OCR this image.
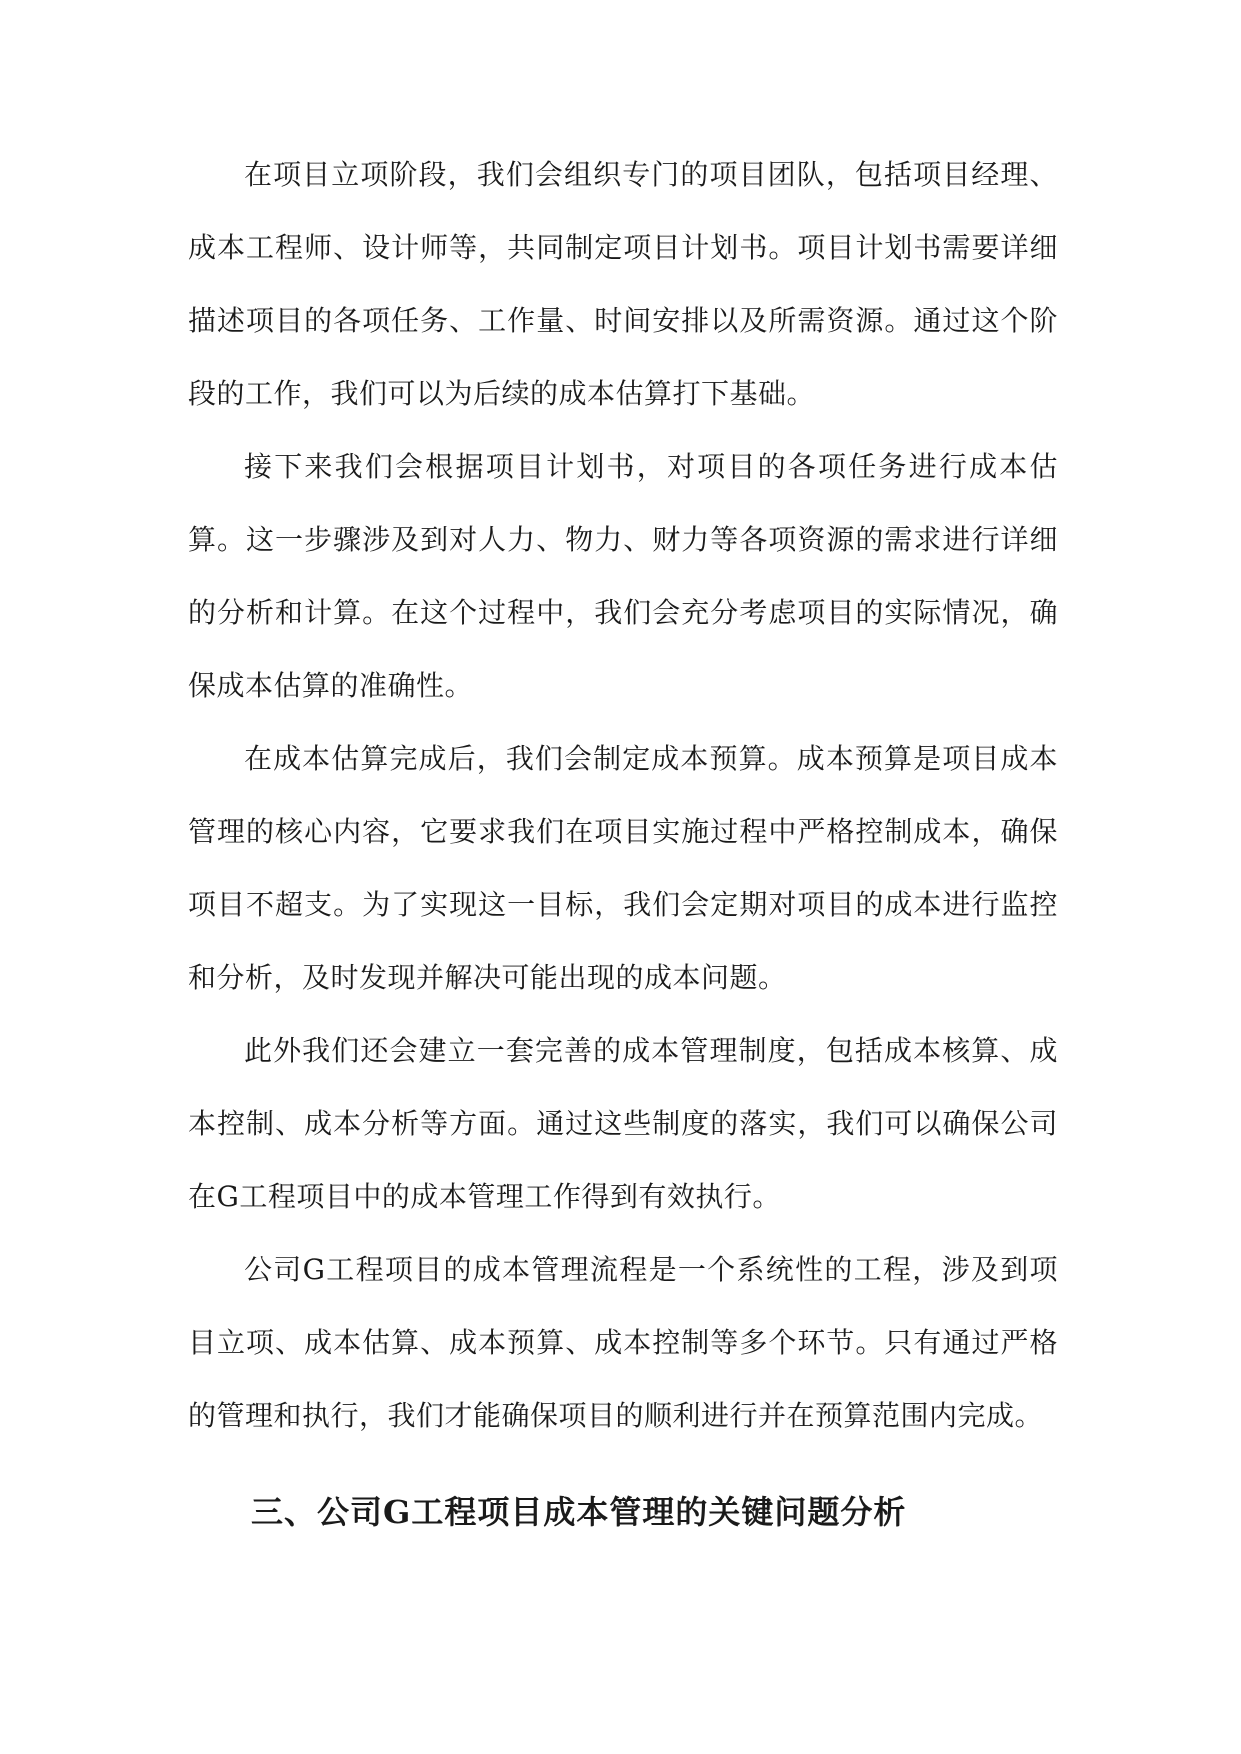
在项目立项阶段，我们会组织专门的项目团队，包括项目经理、成本工程师、设计师等，共同制定项目计划书。项目计划书需要详细描述项目的各项任务、工作量、时间安排以及所需资源。通过这个阶段的工作，我们可以为后续的成本估算打下基础。

接下来我们会根据项目计划书，对项目的各项任务进行成本估算。这一步骤涉及到对人力、物力、财力等各项资源的需求进行详细的分析和计算。在这个过程中，我们会充分考虑项目的实际情况，确保成本估算的准确性。

在成本估算完成后，我们会制定成本预算。成本预算是项目成本管理的核心内容，它要求我们在项目实施过程中严格控制成本，确保项目不超支。为了实现这一目标，我们会定期对项目的成本进行监控和分析，及时发现并解决可能出现的成本问题。

此外我们还会建立一套完善的成本管理制度，包括成本核算、成本控制、成本分析等方面。通过这些制度的落实，我们可以确保公司在G工程项目中的成本管理工作得到有效执行。

公司G工程项目的成本管理流程是一个系统性的工程，涉及到项目立项、成本估算、成本预算、成本控制等多个环节。只有通过严格的管理和执行，我们才能确保项目的顺利进行并在预算范围内完成。

三、公司G工程项目成本管理的关键问题分析
